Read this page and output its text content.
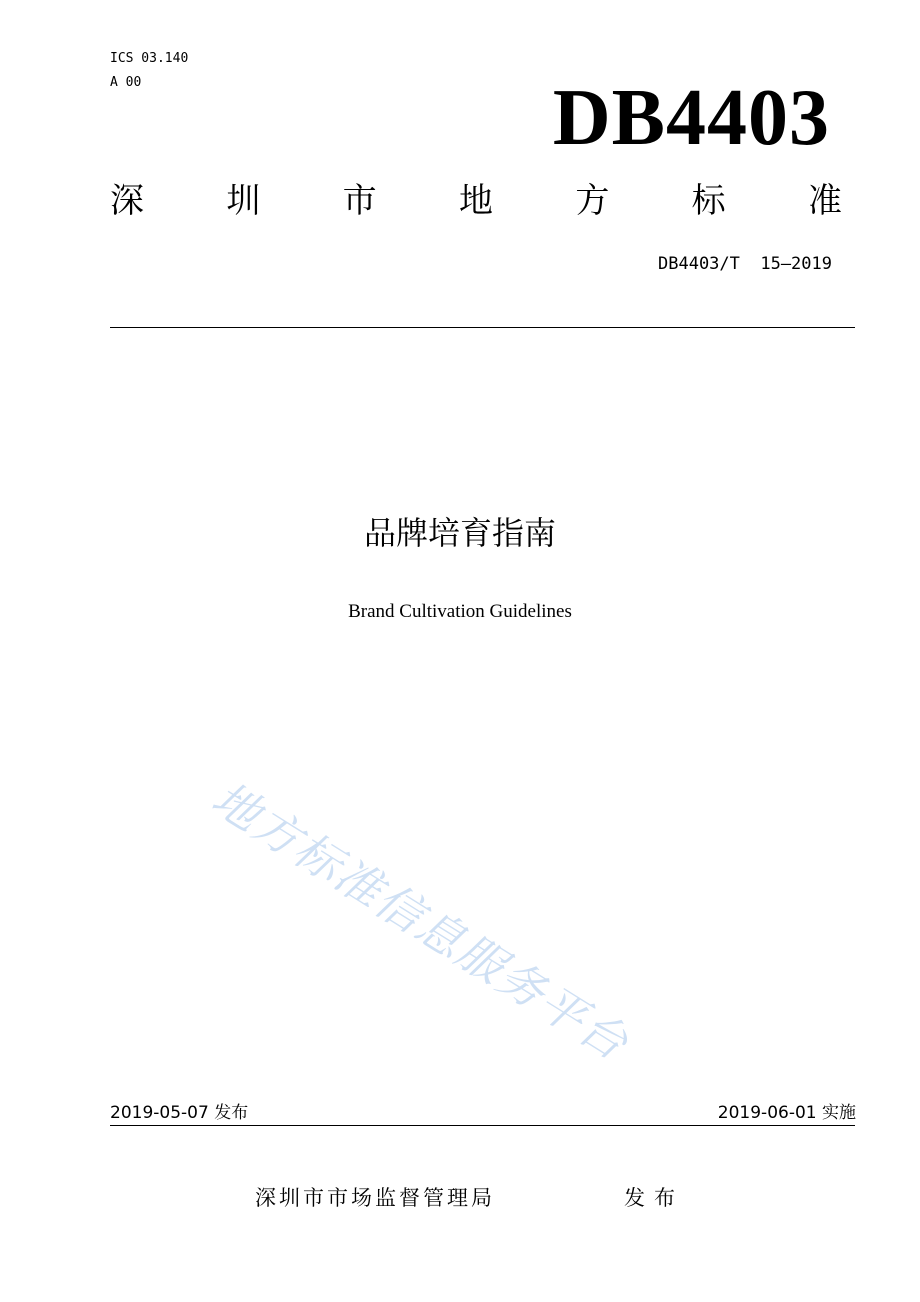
ICS 03.140
A 00	DB4403
深 圳 市 地 方 标 准
DB4403/T  15—2019
品牌培育指南
Brand Cultivation Guidelines
地方标准信息服务平台
2019-05-07 发布	2019-06-01 实施
深圳市市场监督管理局	发布
